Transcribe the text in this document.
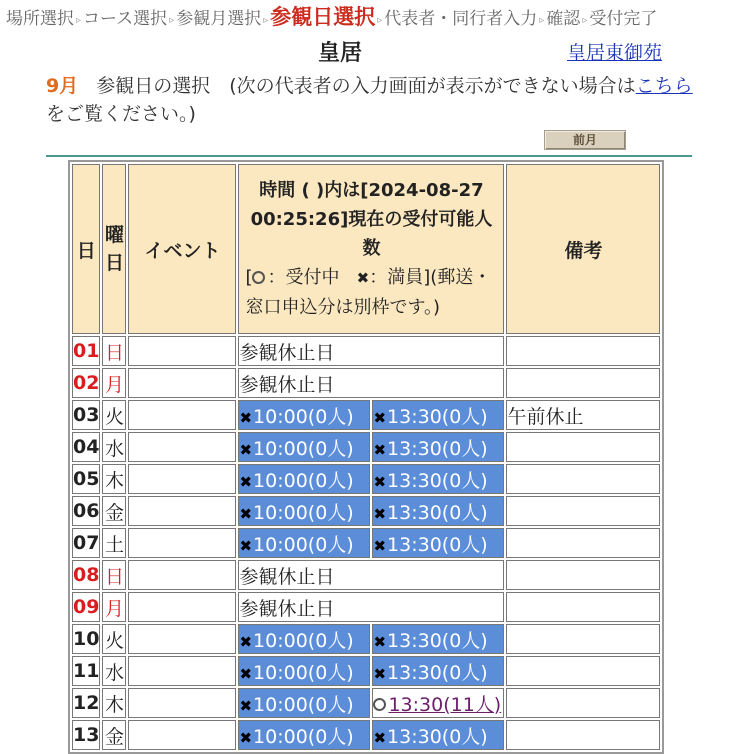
場所選択 ▹ コース選択 ▹ 参観月選択 ▹参観日選択 ▹ 代表者・同行者入力 ▹ 確認 ▹ 受付完了
皇居	皇居東御苑
9月 参観日の選択　(次の代表者の入力画面が表示ができない場合はこちらをご覧ください。)
前月
日	曜日	イベント	時間 ( )内は[2024-08-27 00:25:26]現在の受付可能人数
[ ：受付中 ✖：満員](郵送・窓口申込分は別枠です。)		備考
01	日		参観休止日		
02	月		参観休止日		
03	火		✖10:00(0人)	✖13:30(0人)	午前休止
04	水		✖10:00(0人)	✖13:30(0人)	
05	木		✖10:00(0人)	✖13:30(0人)	
06	金		✖10:00(0人)	✖13:30(0人)	
07	土		✖10:00(0人)	✖13:30(0人)	
08	日		参観休止日		
09	月		参観休止日		
10	火		✖10:00(0人)	✖13:30(0人)	
11	水		✖10:00(0人)	✖13:30(0人)	
12	木		✖10:00(0人)	13:30(11人)	
13	金		✖10:00(0人)	✖13:30(0人)	
